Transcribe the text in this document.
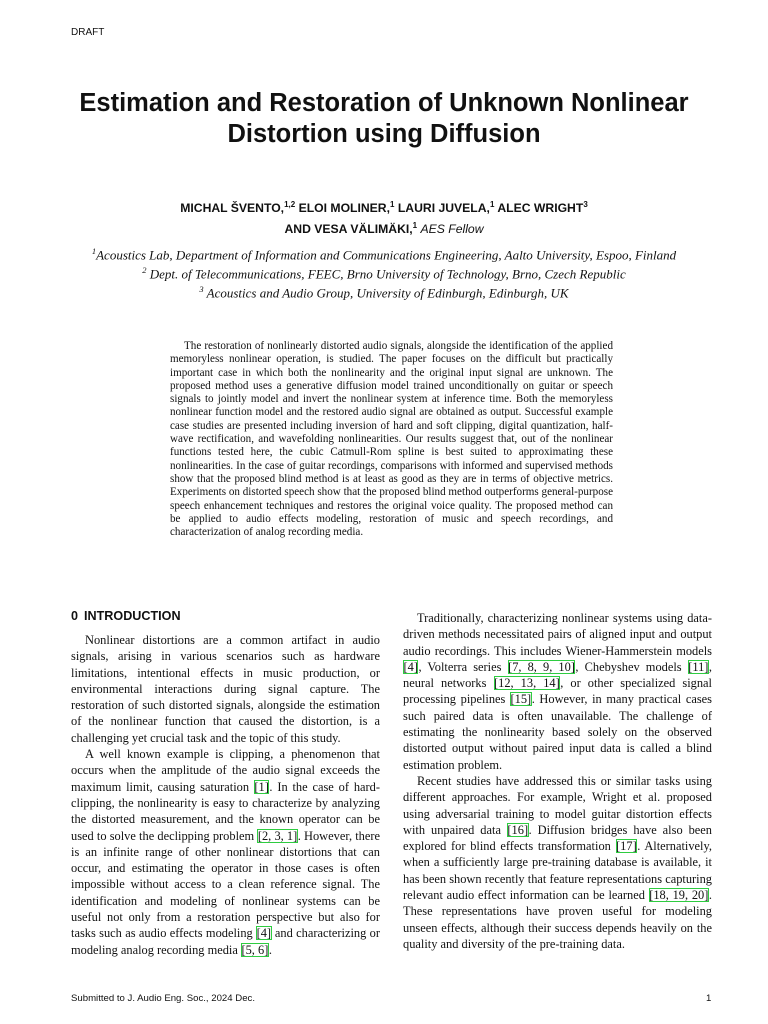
DRAFT
Estimation and Restoration of Unknown Nonlinear
Distortion using Diffusion
MICHAL ŠVENTO,$^{1,2}$ ELOI MOLINER,$^1$ LAURI JUVELA,$^1$ ALEC WRIGHT$^3$
AND VESA VÄLIMÄKI,$^1$ AES Fellow
$^1$Acoustics Lab, Department of Information and Communications Engineering, Aalto University, Espoo, Finland
$^2$ Dept. of Telecommunications, FEEC, Brno University of Technology, Brno, Czech Republic
$^3$ Acoustics and Audio Group, University of Edinburgh, Edinburgh, UK

The restoration of nonlinearly distorted audio signals, alongside the identification of the applied memoryless nonlinear operation, is studied. The paper focuses on the difficult but practically important case in which both the nonlinearity and the original input signal are unknown. The proposed method uses a generative diffusion model trained unconditionally on guitar or speech signals to jointly model and invert the nonlinear system at inference time. Both the memoryless nonlinear function model and the restored audio signal are obtained as output. Successful example case studies are presented including inversion of hard and soft clipping, digital quantization, half-wave rectification, and wavefolding nonlinearities. Our results suggest that, out of the nonlinear functions tested here, the cubic Catmull-Rom spline is best suited to approximating these nonlinearities. In the case of guitar recordings, comparisons with informed and supervised methods show that the proposed blind method is at least as good as they are in terms of objective metrics. Experiments on distorted speech show that the proposed blind method outperforms general-purpose speech enhancement techniques and restores the original voice quality. The proposed method can be applied to audio effects modeling, restoration of music and speech recordings, and characterization of analog recording media.

0 INTRODUCTION

Nonlinear distortions are a common artifact in audio signals, arising in various scenarios such as hardware limitations, intentional effects in music production, or environmental interactions during signal capture. The restoration of such distorted signals, alongside the estimation of the nonlinear function that caused the distortion, is a challenging yet crucial task and the topic of this study.

A well known example is clipping, a phenomenon that occurs when the amplitude of the audio signal exceeds the maximum limit, causing saturation [1]. In the case of hard-clipping, the nonlinearity is easy to characterize by analyzing the distorted measurement, and the known operator can be used to solve the declipping problem [2, 3, 1]. However, there is an infinite range of other nonlinear distortions that can occur, and estimating the operator in those cases is often impossible without access to a clean reference signal. The identification and modeling of nonlinear systems can be useful not only from a restoration perspective but also for tasks such as audio effects modeling [4] and characterizing or modeling analog recording media [5, 6].

Traditionally, characterizing nonlinear systems using data-driven methods necessitated pairs of aligned input and output audio recordings. This includes Wiener-Hammerstein models [4], Volterra series [7, 8, 9, 10], Chebyshev models [11], neural networks [12, 13, 14], or other specialized signal processing pipelines [15]. However, in many practical cases such paired data is often unavailable. The challenge of estimating the nonlinearity based solely on the observed distorted output without paired input data is called a blind estimation problem.

Recent studies have addressed this or similar tasks using different approaches. For example, Wright et al. proposed using adversarial training to model guitar distortion effects with unpaired data [16]. Diffusion bridges have also been explored for blind effects transformation [17]. Alternatively, when a sufficiently large pre-training database is available, it has been shown recently that feature representations capturing relevant audio effect information can be learned [18, 19, 20]. These representations have proven useful for modeling unseen effects, although their success depends heavily on the quality and diversity of the pre-training data.

Submitted to J. Audio Eng. Soc., 2024 Dec.	1
